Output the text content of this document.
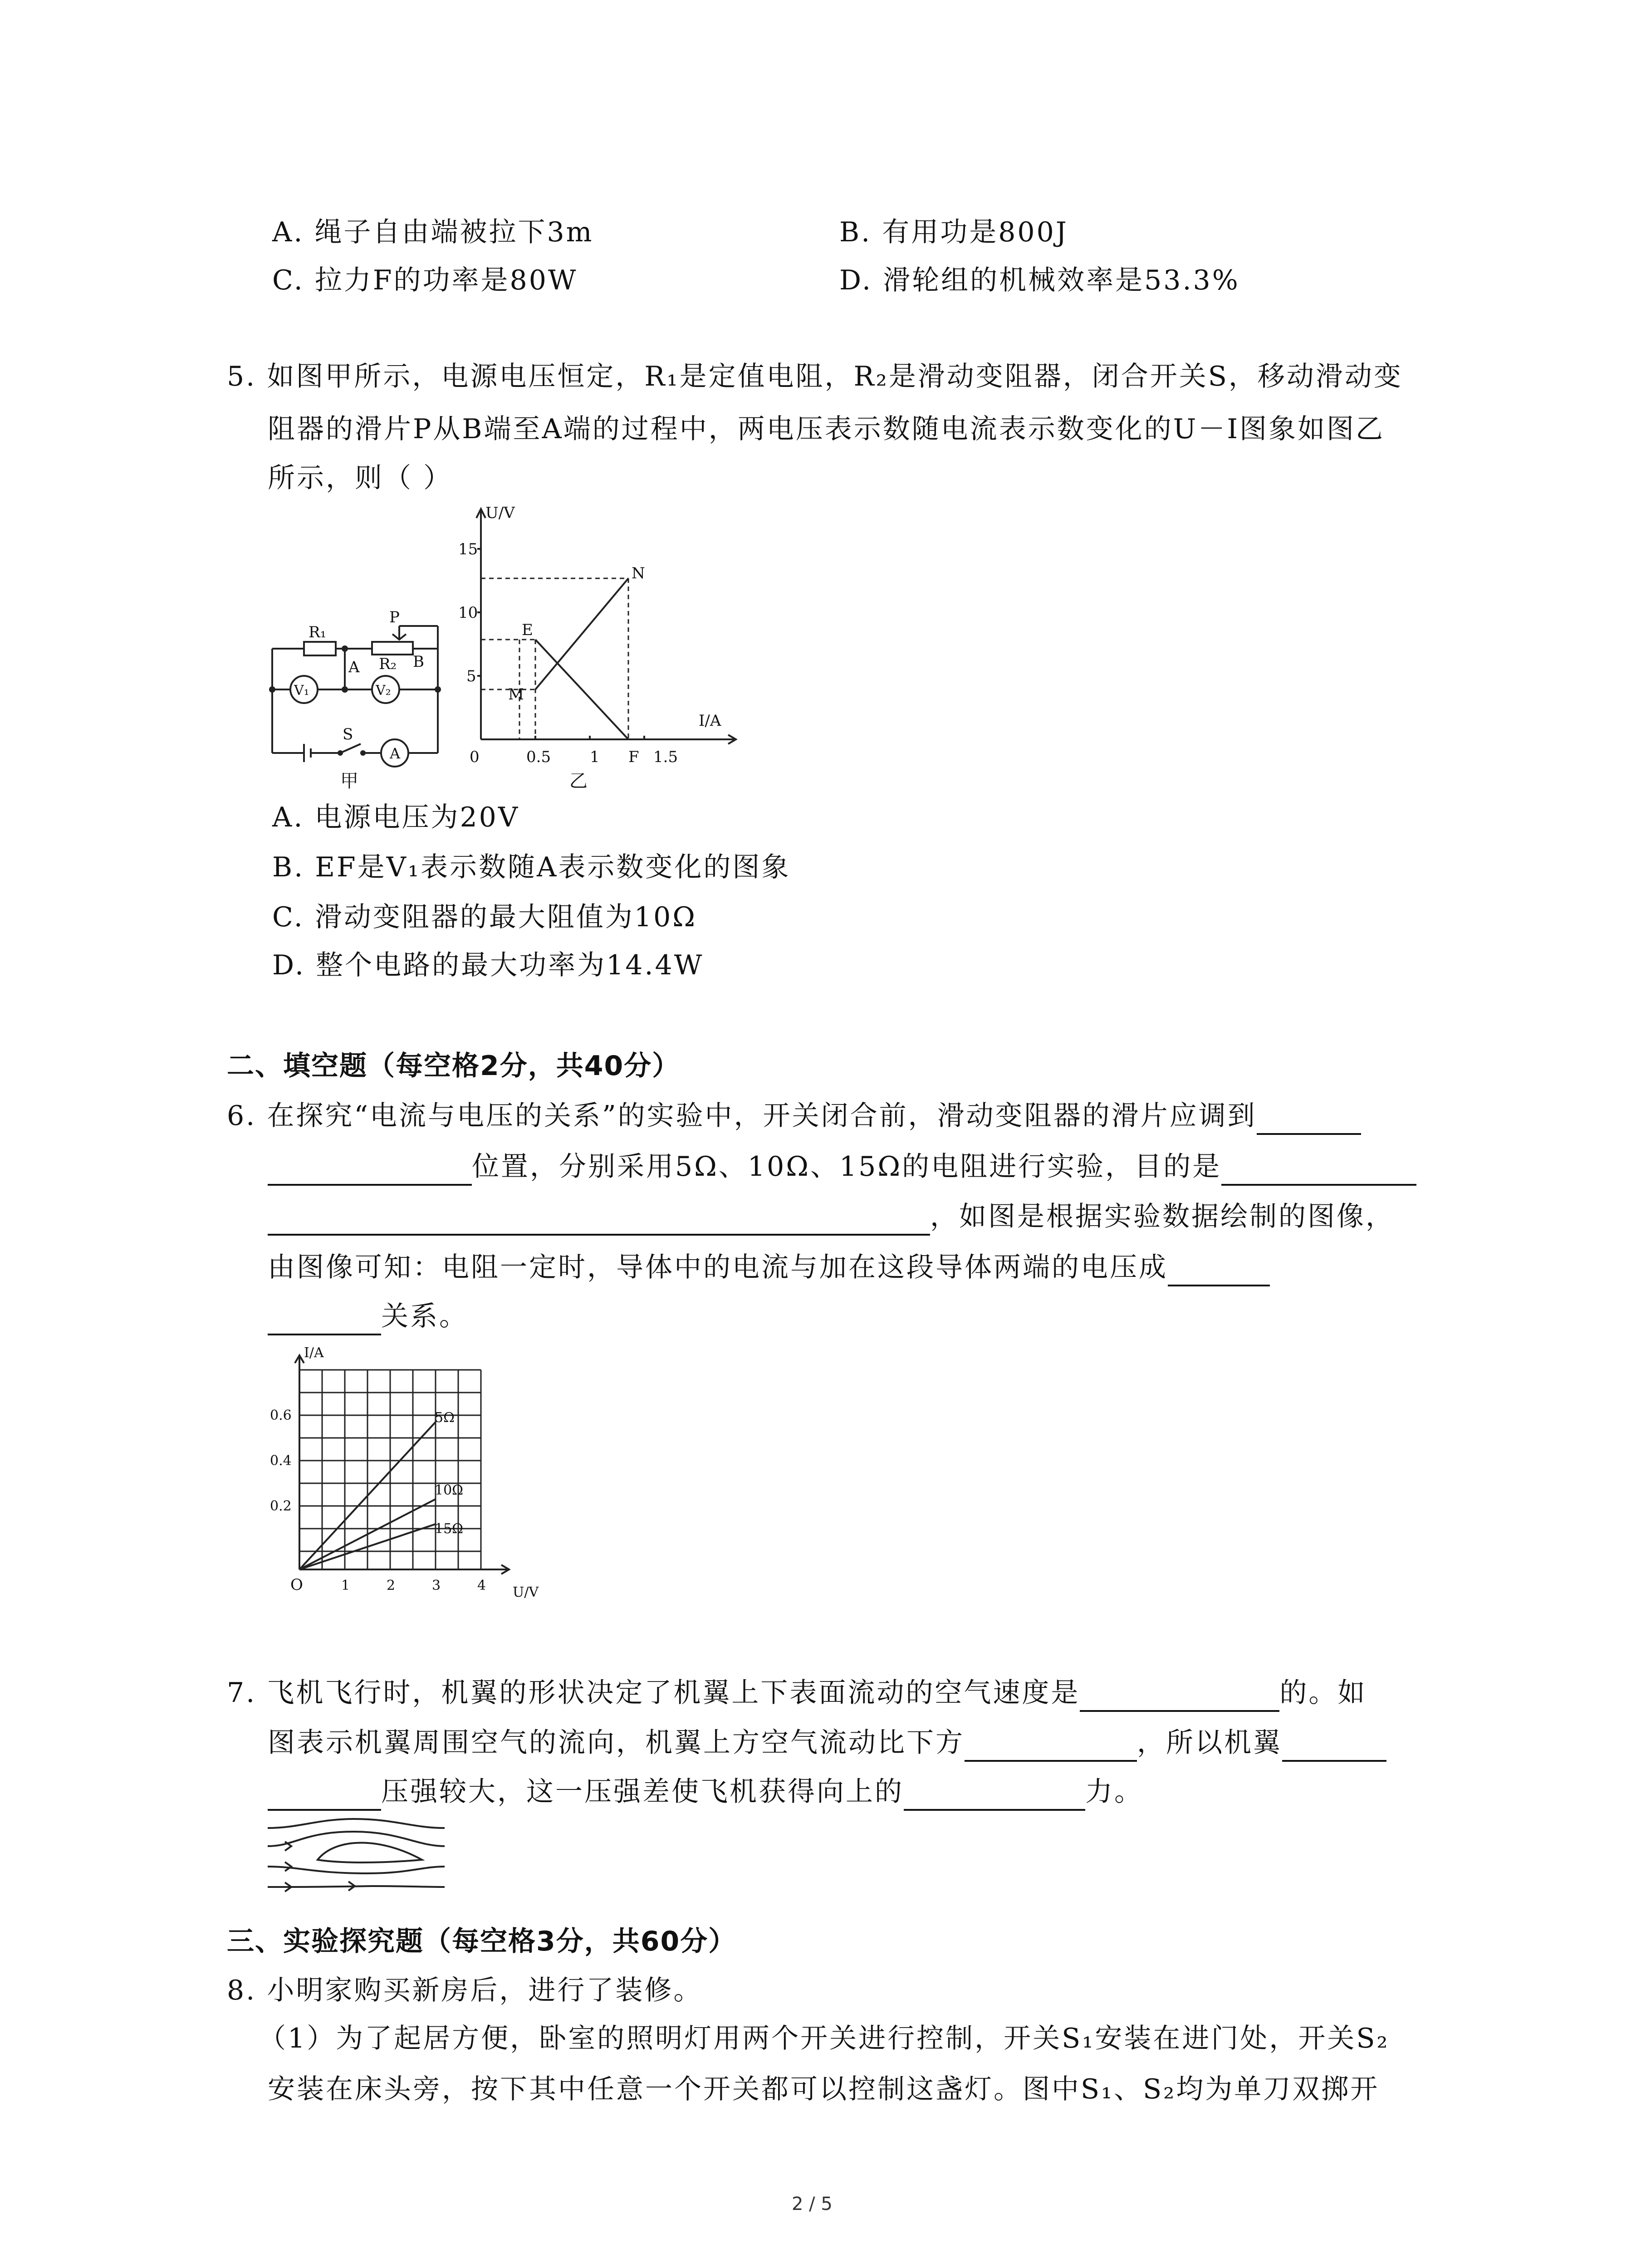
A. 绳子自由端被拉下3m	B. 有用功是800J
C. 拉力F的功率是80W	D. 滑轮组的机械效率是53.3%
5. 如图甲所示，电源电压恒定，R₁是定值电阻，R₂是滑动变阻器，闭合开关S，移动滑动变
阻器的滑片P从B端至A端的过程中，两电压表示数随电流表示数变化的U－I图象如图乙
所示，则（ ）
R₁
P
A R₂ B
V₁	V₂
S
A
甲
U/V
I/A
15
10
5
0	0.5	1	1.5
N
E
M
F
乙
A. 电源电压为20V
B. EF是V₁表示数随A表示数变化的图象
C. 滑动变阻器的最大阻值为10Ω
D. 整个电路的最大功率为14.4W
二、填空题（每空格2分，共40分）
6. 在探究“电流与电压的关系”的实验中，开关闭合前，滑动变阻器的滑片应调到
位置，分别采用5Ω、10Ω、15Ω的电阻进行实验，目的是
，如图是根据实验数据绘制的图像，
由图像可知：电阻一定时，导体中的电流与加在这段导体两端的电压成
关系。
I/A
U/V
O
0.6
0.4
0.2
1	2	3	4
5Ω
10Ω
15Ω
7. 飞机飞行时，机翼的形状决定了机翼上下表面流动的空气速度是	的。如
图表示机翼周围空气的流向，机翼上方空气流动比下方	，所以机翼
压强较大，这一压强差使飞机获得向上的	力。
三、实验探究题（每空格3分，共60分）
8. 小明家购买新房后，进行了装修。
（1）为了起居方便，卧室的照明灯用两个开关进行控制，开关S₁安装在进门处，开关S₂
安装在床头旁，按下其中任意一个开关都可以控制这盏灯。图中S₁、S₂均为单刀双掷开
2 / 5
